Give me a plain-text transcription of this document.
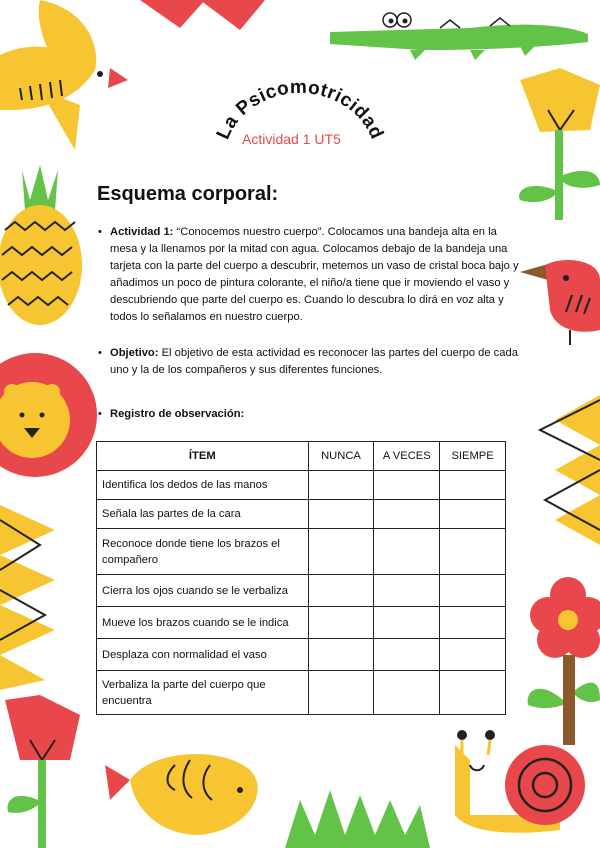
La Psicomotricidad
Actividad 1 UT5
Esquema corporal:
• Actividad 1: “Conocemos nuestro cuerpo”. Colocamos una bandeja alta en la mesa y la llenamos por la mitad con agua. Colocamos debajo de la bandeja una tarjeta con la parte del cuerpo a descubrir, metemos un vaso de cristal boca bajo y añadimos un poco de pintura colorante, el niño/a tiene que ir moviendo el vaso y descubriendo que parte del cuerpo es. Cuando lo descubra lo dirá en voz alta y todos lo señalamos en nuestro cuerpo.
• Objetivo: El objetivo de esta actividad es reconocer las partes del cuerpo de cada uno y la de los compañeros y sus diferentes funciones.
• Registro de observación:
ÍTEM	NUNCA	A VECES	SIEMPE
Identifica los dedos de las manos			
Señala las partes de la cara			
Reconoce donde tiene los brazos el compañero			
Cierra los ojos cuando se le verbaliza			
Mueve los brazos cuando se le indica			
Desplaza con normalidad el vaso			
Verbaliza la parte del cuerpo que encuentra			
